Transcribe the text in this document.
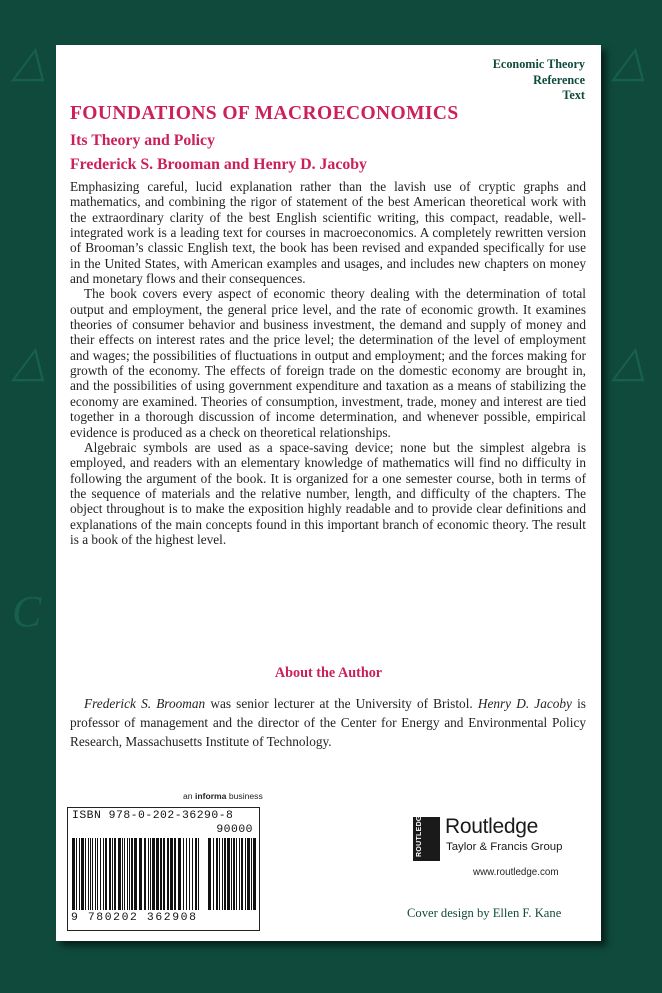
△
△
C
△
△
Economic Theory
Reference
Text
FOUNDATIONS OF MACROECONOMICS
Its Theory and Policy
Frederick S. Brooman and Henry D. Jacoby

Emphasizing careful, lucid explanation rather than the lavish use of cryptic graphs and mathematics, and combining the rigor of statement of the best American theoretical work with the extraordinary clarity of the best English scientific writing, this compact, readable, well-integrated work is a leading text for courses in macroeconomics. A completely rewritten version of Brooman’s classic English text, the book has been revised and expanded specifically for use in the United States, with American examples and usages, and includes new chapters on money and monetary flows and their consequences.

The book covers every aspect of economic theory dealing with the determination of total output and employment, the general price level, and the rate of economic growth. It examines theories of consumer behavior and business investment, the demand and supply of money and their effects on interest rates and the price level; the determination of the level of employment and wages; the possibilities of fluctuations in output and employment; and the forces making for growth of the economy. The effects of foreign trade on the domestic economy are brought in, and the possibilities of using government expenditure and taxation as a means of stabilizing the economy are examined. Theories of consumption, investment, trade, money and interest are tied together in a thorough discussion of income determination, and whenever possible, empirical evidence is produced as a check on theoretical relationships.

Algebraic symbols are used as a space-saving device; none but the simplest algebra is employed, and readers with an elementary knowledge of mathematics will find no difficulty in following the argument of the book. It is organized for a one semester course, both in terms of the sequence of materials and the relative number, length, and difficulty of the chapters. The object throughout is to make the exposition highly readable and to provide clear definitions and explanations of the main concepts found in this important branch of economic theory. The result is a book of the highest level.

About the Author

Frederick S. Brooman was senior lecturer at the University of Bristol. Henry D. Jacoby is professor of management and the director of the Center for Energy and Environmental Policy Research, Massachusetts Institute of Technology.

an informa business
ISBN 978-0-202-36290-8
90000
9 780202 362908
ROUTLEDGE Routledge
Taylor & Francis Group
www.routledge.com
Cover design by Ellen F. Kane
